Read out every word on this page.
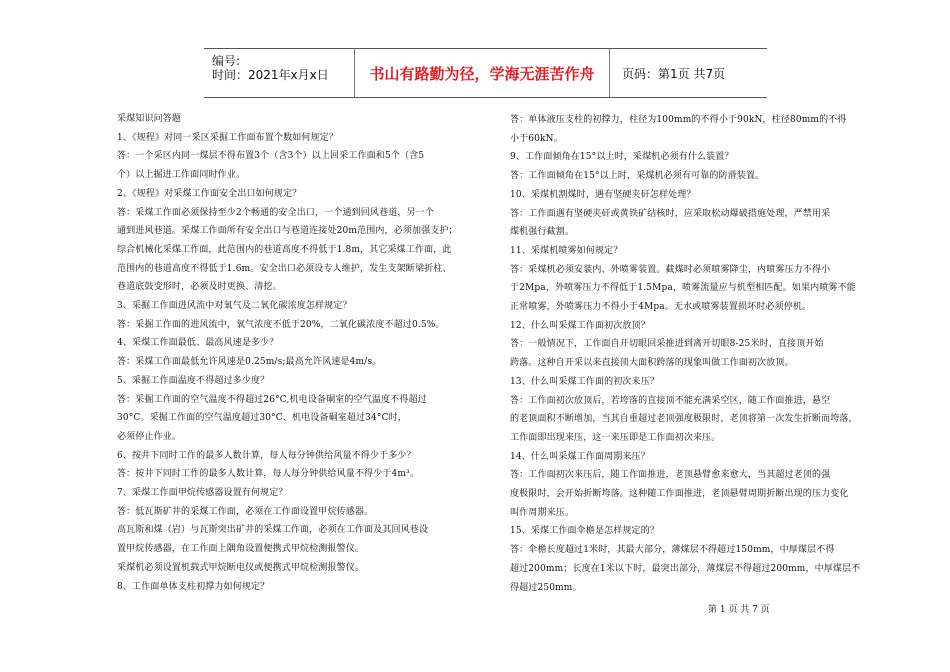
编号:
时间：2021年x月x日	书山有路勤为径，学海无涯苦作舟	页码：第1页 共7页

采煤知识问答题

1、《规程》对同一采区采掘工作面布置个数如何规定？

答：一个采区内同一煤层不得布置3个（含3个）以上回采工作面和5个（含5

个）以上掘进工作面同时作业。

2、《规程》对采煤工作面安全出口如何规定？

答：采煤工作面必须保持至少2个畅通的安全出口，一个通到回风巷道，另一个

通到进风巷道。采煤工作面所有安全出口与巷道连接处20m范围内，必须加强支护；

综合机械化采煤工作面，此范围内的巷道高度不得低于1.8m，其它采煤工作面，此

范围内的巷道高度不得低于1.6m。安全出口必须设专人维护，发生支架断梁折柱、

巷道底鼓变形时，必须及时更换、清挖。

3、采掘工作面进风流中对氧气及二氧化碳浓度怎样规定？

答：采掘工作面的进风流中，氧气浓度不低于20%，二氧化碳浓度不超过0.5%。

4、采煤工作面最低、最高风速是多少？

答：采煤工作面最低允许风速是0.25m/s;最高允许风速是4m/s。

5、采掘工作面温度不得超过多少度？

答：采掘工作面的空气温度不得超过26°C,机电设备硐室的空气温度不得超过

30°C。采掘工作面的空气温度超过30°C、机电设备硐室超过34°C时，

必须停止作业。

6、按井下同时工作的最多人数计算，每人每分钟供给风量不得少于多少？

答：按井下同时工作的最多人数计算，每人每分钟供给风量不得少于4m³。

7、采煤工作面甲烷传感器设置有何规定？

答：低瓦斯矿井的采煤工作面，必须在工作面设置甲烷传感器。

高瓦斯和煤（岩）与瓦斯突出矿井的采煤工作面，必须在工作面及其回风巷设

置甲烷传感器，在工作面上隅角设置便携式甲烷检测报警仪。

采煤机必须设置机载式甲烷断电仪或便携式甲烷检测报警仪。

8、工作面单体支柱初撑力如何规定？

答：单体液压支柱的初撑力，柱径为100mm的不得小于90kN，柱径80mm的不得

小于60kN。

9、工作面倾角在15°以上时，采煤机必须有什么装置？

答：工作面倾角在15°以上时，采煤机必须有可靠的防滑装置。

10、采煤机割煤时，遇有坚硬夹矸怎样处理？

答：工作面遇有坚硬夹矸或黄铁矿结核时，应采取松动爆破措施处理，严禁用采

煤机强行截割。

11、采煤机喷雾如何规定？

答：采煤机必须安装内、外喷雾装置。截煤时必须喷雾降尘，内喷雾压力不得小

于2Mpa，外喷雾压力不得低于1.5Mpa，喷雾流量应与机型相匹配。如果内喷雾不能

正常喷雾，外喷雾压力不得小于4Mpa。无水或喷雾装置损坏时必须停机。

12、什么叫采煤工作面初次放顶？

答：一般情况下，工作面自开切眼回采推进到离开切眼8-25米时，直接顶开始

跨落。这种自开采以来直接顶大面积跨落的现象叫做工作面初次放顶。

13、什么叫采煤工作面的初次来压？

答：工作面初次放顶后，若垮落的直接顶不能充满采空区，随工作面推进，悬空

的老顶面积不断增加，当其自重超过老顶强度极限时，老顶将第一次发生折断而垮落，

工作面即出现来压，这一来压即是工作面初次来压。

14、什么叫采煤工作面周期来压？

答：工作面初次来压后，随工作面推进，老顶悬臂愈来愈大，当其超过老顶的强

度极限时，会开始折断垮落。这种随工作面推进，老顶悬臂周期折断出现的压力变化

叫作周期来压。

15、采煤工作面伞檐是怎样规定的？

答：伞檐长度超过1米时，其最大部分，薄煤层不得超过150mm，中厚煤层不得

超过200mm；长度在1米以下时，最突出部分，薄煤层不得超过200mm，中厚煤层不

得超过250mm。

第 1 页 共 7 页
